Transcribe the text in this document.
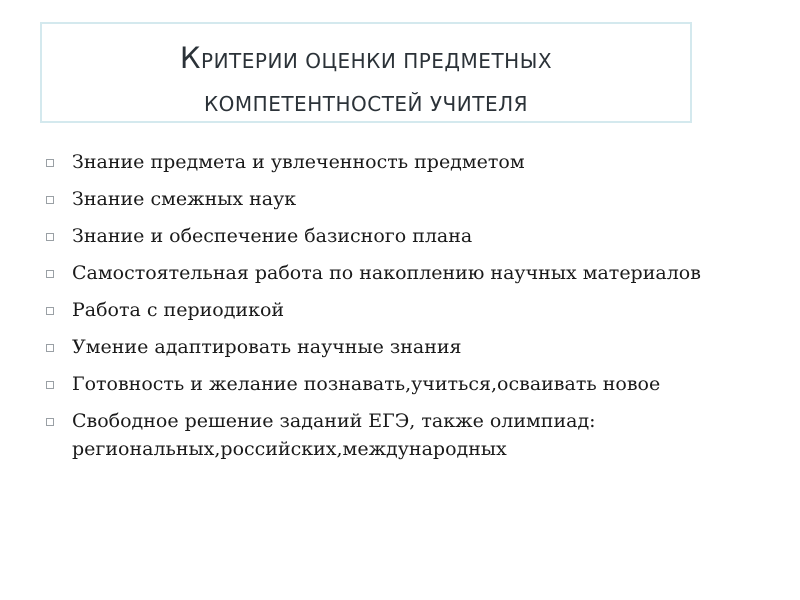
КРИТЕРИИ ОЦЕНКИ ПРЕДМЕТНЫХ
КОМПЕТЕНТНОСТЕЙ УЧИТЕЛЯ
Знание предмета и увлеченность предметом
Знание смежных наук
Знание и обеспечение базисного плана
Самостоятельная работа по накоплению научных материалов
Работа с периодикой
Умение адаптировать научные знания
Готовность и желание познавать,учиться,осваивать новое
Свободное решение заданий ЕГЭ, также олимпиад: региональных,российских,международных
